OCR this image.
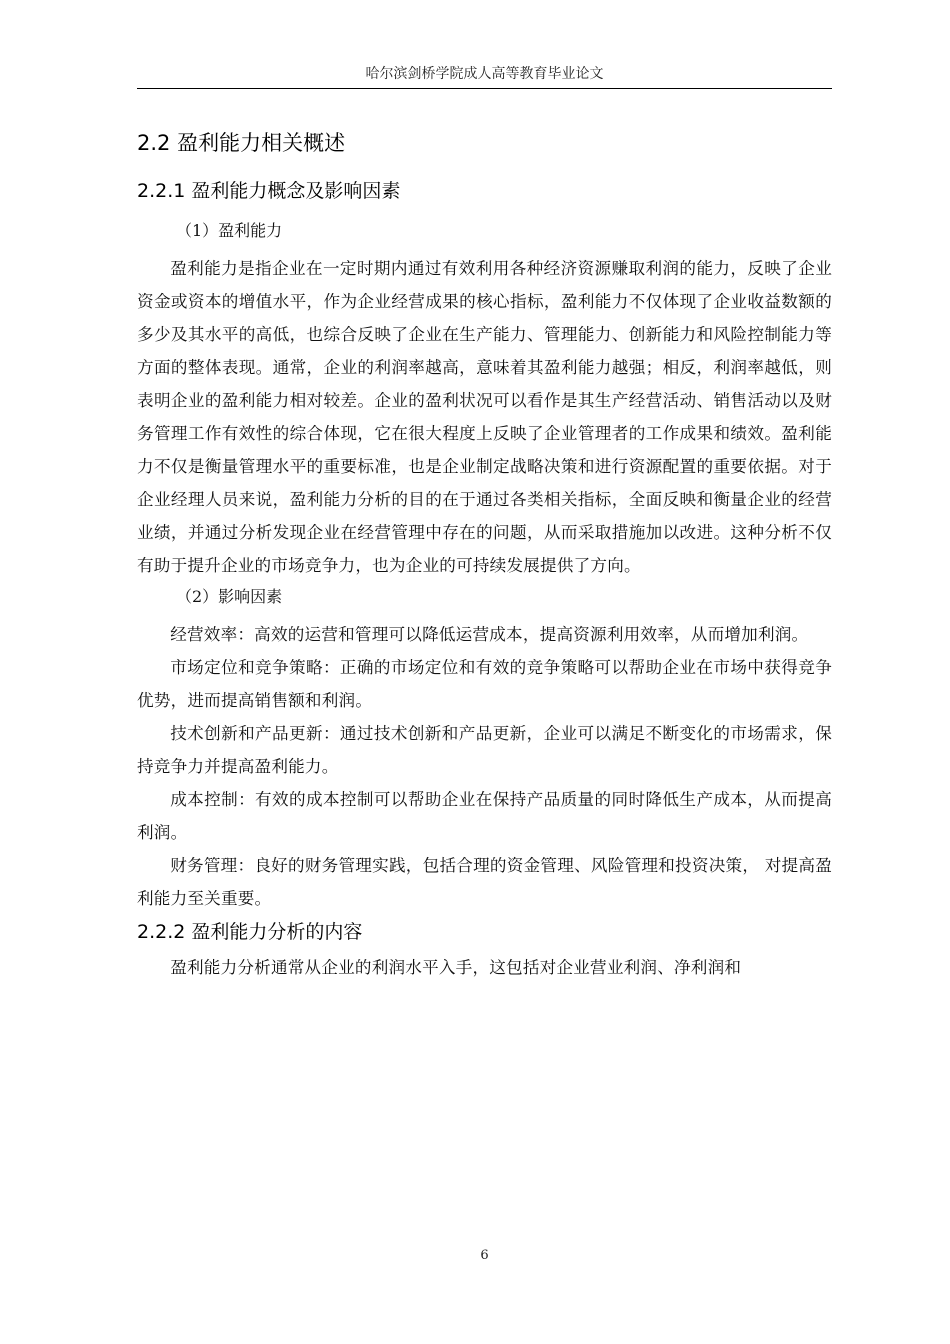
哈尔滨剑桥学院成人高等教育毕业论文
2.2 盈利能力相关概述
2.2.1 盈利能力概念及影响因素
（1）盈利能力

盈利能力是指企业在一定时期内通过有效利用各种经济资源赚取利润的能力，反映了企业资金或资本的增值水平，作为企业经营成果的核心指标，盈利能力不仅体现了企业收益数额的多少及其水平的高低，也综合反映了企业在生产能力、管理能力、创新能力和风险控制能力等方面的整体表现。通常，企业的利润率越高，意味着其盈利能力越强；相反，利润率越低，则表明企业的盈利能力相对较差。企业的盈利状况可以看作是其生产经营活动、销售活动以及财务管理工作有效性的综合体现，它在很大程度上反映了企业管理者的工作成果和绩效。盈利能力不仅是衡量管理水平的重要标准，也是企业制定战略决策和进行资源配置的重要依据。对于企业经理人员来说，盈利能力分析的目的在于通过各类相关指标，全面反映和衡量企业的经营业绩，并通过分析发现企业在经营管理中存在的问题，从而采取措施加以改进。这种分析不仅有助于提升企业的市场竞争力，也为企业的可持续发展提供了方向。

（2）影响因素

经营效率：高效的运营和管理可以降低运营成本，提高资源利用效率，从而增加利润。

市场定位和竞争策略：正确的市场定位和有效的竞争策略可以帮助企业在市场中获得竞争优势，进而提高销售额和利润。

技术创新和产品更新：通过技术创新和产品更新，企业可以满足不断变化的市场需求，保持竞争力并提高盈利能力。

成本控制：有效的成本控制可以帮助企业在保持产品质量的同时降低生产成本，从而提高利润。

财务管理：良好的财务管理实践，包括合理的资金管理、风险管理和投资决策， 对提高盈利能力至关重要。

2.2.2 盈利能力分析的内容

盈利能力分析通常从企业的利润水平入手，这包括对企业营业利润、净利润和

6
